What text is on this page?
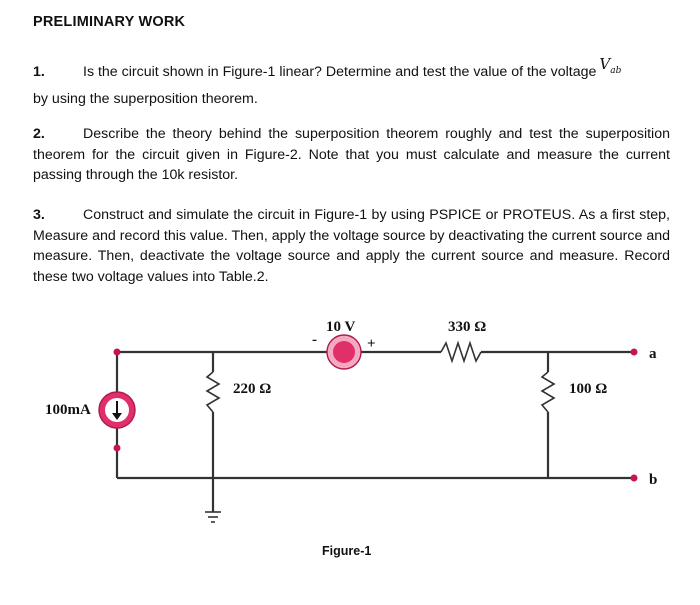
PRELIMINARY WORK
1.	Is the circuit shown in Figure-1 linear? Determine and test the value of the voltage $V_{ab}$
by using the superposition theorem.
2.	Describe the theory behind the superposition theorem roughly and test the superposition theorem for the circuit given in Figure-2. Note that you must calculate and measure the current passing through the 10k resistor.
3.	Construct and simulate the circuit in Figure-1 by using PSPICE or PROTEUS. As a first step, Measure and record this value. Then, apply the voltage source by deactivating the current source and measure. Then, deactivate the voltage source and apply the current source and measure. Record these two voltage values into Table.2.
10 V
-	+
330 Ω
220 Ω	100 Ω
100mA
a
b
Figure-1
